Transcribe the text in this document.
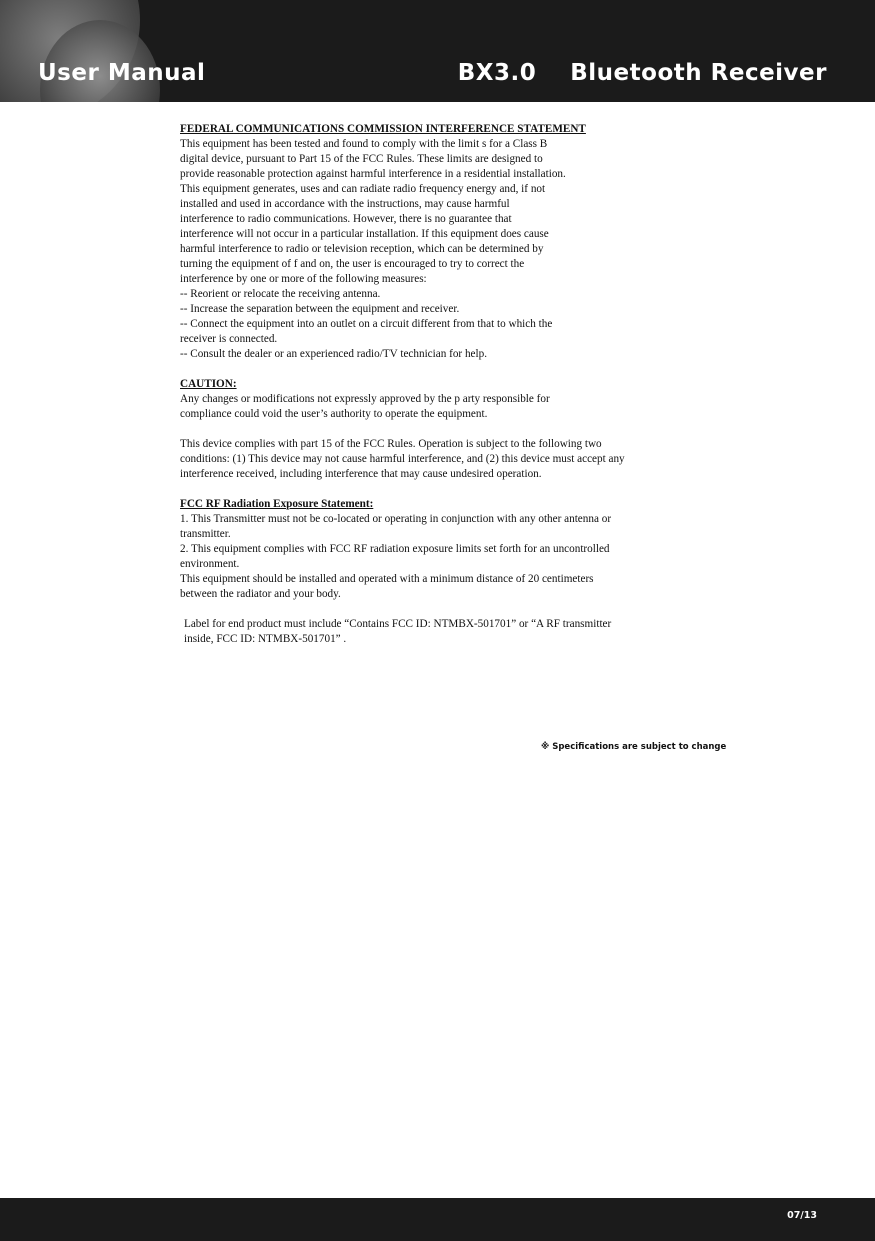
User Manual	BX3.0    Bluetooth Receiver
FEDERAL COMMUNICATIONS COMMISSION INTERFERENCE STATEMENT
This equipment has been tested and found to comply with the limit s for a Class B
digital device, pursuant to Part 15 of the FCC Rules. These limits are designed to
provide reasonable protection against harmful interference in a residential installation.
This equipment generates, uses and can radiate radio frequency energy and, if not
installed and used in accordance with the instructions, may cause harmful
interference to radio communications. However, there is no guarantee that
interference will not occur in a particular installation. If this equipment does cause
harmful interference to radio or television reception, which can be determined by
turning the equipment of f and on, the user is encouraged to try to correct the
interference by one or more of the following measures:
-- Reorient or relocate the receiving antenna.
-- Increase the separation between the equipment and receiver.
-- Connect the equipment into an outlet on a circuit different from that to which the
receiver is connected.
-- Consult the dealer or an experienced radio/TV technician for help.
CAUTION:
Any changes or modifications not expressly approved by the p arty responsible for
compliance could void the user’s authority to operate the equipment.
This device complies with part 15 of the FCC Rules. Operation is subject to the following two
conditions: (1) This device may not cause harmful interference, and (2) this device must accept any
interference received, including interference that may cause undesired operation.
FCC RF Radiation Exposure Statement:
1. This Transmitter must not be co-located or operating in conjunction with any other antenna or
transmitter.
2. This equipment complies with FCC RF radiation exposure limits set forth for an uncontrolled
environment.
This equipment should be installed and operated with a minimum distance of 20 centimeters
between the radiator and your body.
Label for end product must include “Contains FCC ID: NTMBX-501701” or “A RF transmitter
inside, FCC ID: NTMBX-501701” .
※ Specifications are subject to change
07/13
